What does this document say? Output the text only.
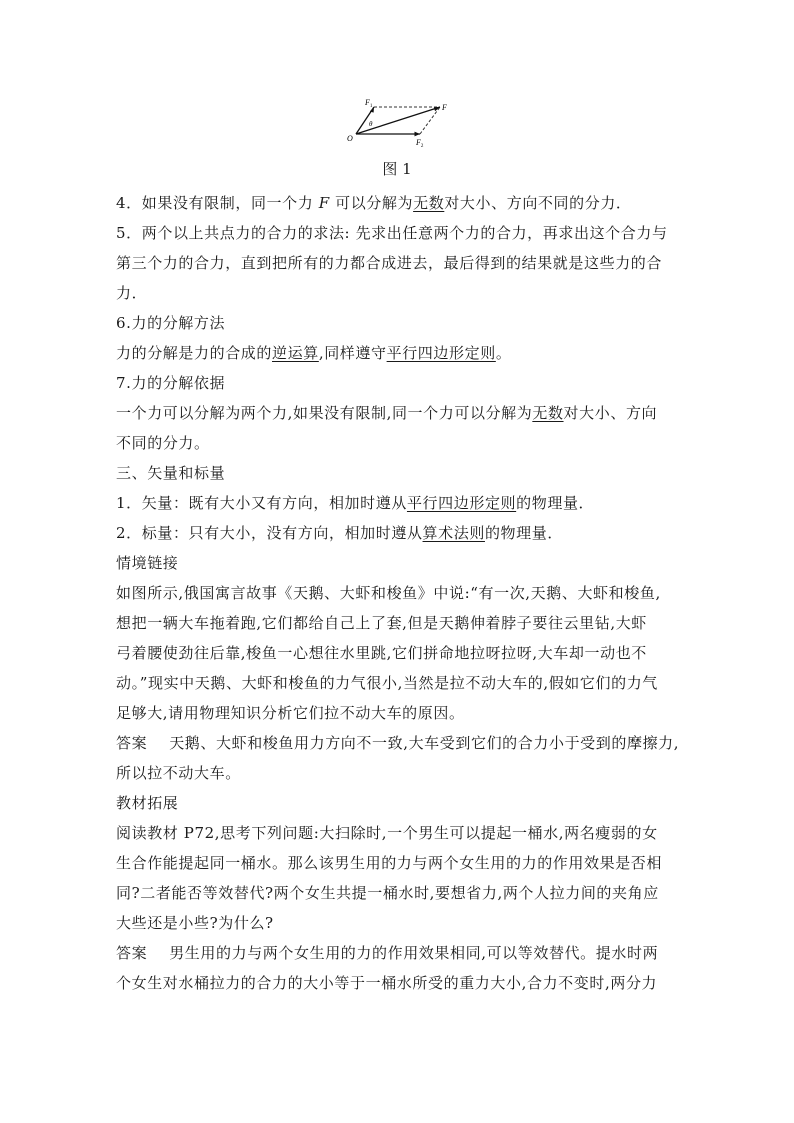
$F_1$	F
O
θ
$F_2$
图 1
4．如果没有限制，同一个力 F 可以分解为无数对大小、方向不同的分力．
5．两个以上共点力的合力的求法: 先求出任意两个力的合力，再求出这个合力与
第三个力的合力，直到把所有的力都合成进去，最后得到的结果就是这些力的合
力．
6.力的分解方法
力的分解是力的合成的逆运算,同样遵守平行四边形定则。
7.力的分解依据
一个力可以分解为两个力,如果没有限制,同一个力可以分解为无数对大小、方向
不同的分力。
三、矢量和标量
1．矢量：既有大小又有方向，相加时遵从平行四边形定则的物理量．
2．标量：只有大小，没有方向，相加时遵从算术法则的物理量．
情境链接
如图所示,俄国寓言故事《天鹅、大虾和梭鱼》中说:“有一次,天鹅、大虾和梭鱼,
想把一辆大车拖着跑,它们都给自己上了套,但是天鹅伸着脖子要往云里钻,大虾
弓着腰使劲往后靠,梭鱼一心想往水里跳,它们拼命地拉呀拉呀,大车却一动也不
动。”现实中天鹅、大虾和梭鱼的力气很小,当然是拉不动大车的,假如它们的力气
足够大,请用物理知识分析它们拉不动大车的原因。
答案 天鹅、大虾和梭鱼用力方向不一致,大车受到它们的合力小于受到的摩擦力,
所以拉不动大车。
教材拓展
阅读教材 P72,思考下列问题:大扫除时,一个男生可以提起一桶水,两名瘦弱的女
生合作能提起同一桶水。那么该男生用的力与两个女生用的力的作用效果是否相
同?二者能否等效替代?两个女生共提一桶水时,要想省力,两个人拉力间的夹角应
大些还是小些?为什么?
答案 男生用的力与两个女生用的力的作用效果相同,可以等效替代。提水时两
个女生对水桶拉力的合力的大小等于一桶水所受的重力大小,合力不变时,两分力
